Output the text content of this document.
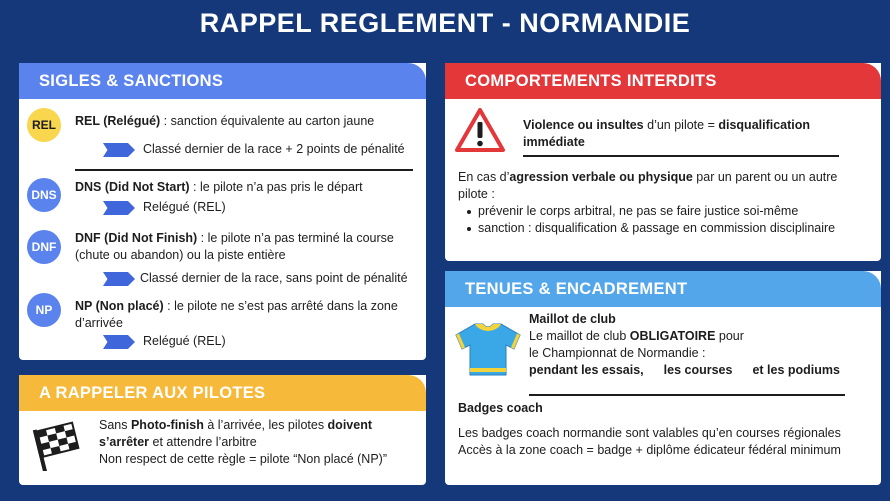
RAPPEL REGLEMENT - NORMANDIE
SIGLES & SANCTIONS
REL	REL (Relégué) : sanction équivalente au carton jaune
Classé dernier de la race + 2 points de pénalité
DNS
DNS (Did Not Start) : le pilote n’a pas pris le départ
Relégué (REL)
DNF
DNF (Did Not Finish) : le pilote n’a pas terminé la course
(chute ou abandon) ou la piste entière
Classé dernier de la race, sans point de pénalité
NP	NP (Non placé) : le pilote ne s’est pas arrêté dans la zone
d’arrivée
Relégué (REL)
A RAPPELER AUX PILOTES
Sans Photo-finish à l’arrivée, les pilotes doivent
s’arrêter et attendre l’arbitre
Non respect de cette règle = pilote “Non placé (NP)”
COMPORTEMENTS INTERDITS
Violence ou insultes d’un pilote = disqualification
immédiate
En cas d’agression verbale ou physique par un parent ou un autre
pilote :
prévenir le corps arbitral, ne pas se faire justice soi-même
sanction : disqualification & passage en commission disciplinaire
TENUES & ENCADREMENT
Maillot de club
Le maillot de club OBLIGATOIRE pour
le Championnat de Normandie :
pendant les essais, les courses et les podiums
Badges coach
Les badges coach normandie sont valables qu’en courses régionales
Accès à la zone coach = badge + diplôme édicateur fédéral minimum
